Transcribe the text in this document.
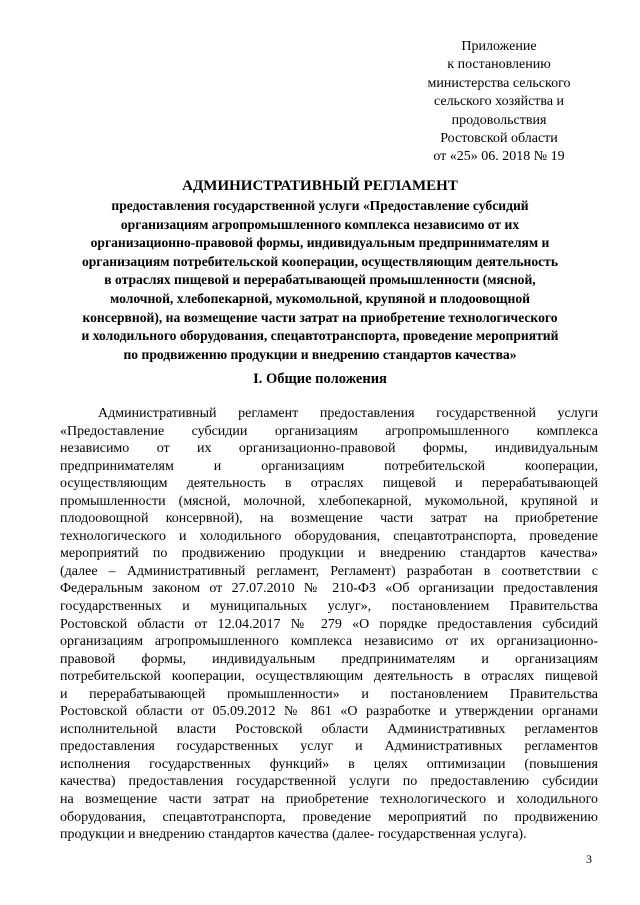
Приложение
к постановлению
министерства сельского
сельского хозяйства и
продовольствия
Ростовской области
от «25» 06. 2018 № 19
АДМИНИСТРАТИВНЫЙ РЕГЛАМЕНТ
предоставления государственной услуги «Предоставление субсидий
организациям агропромышленного комплекса независимо от их
организационно-правовой формы, индивидуальным предпринимателям и
организациям потребительской кооперации, осуществляющим деятельность
в отраслях пищевой и перерабатывающей промышленности (мясной,
молочной, хлебопекарной, мукомольной, крупяной и плодоовощной
консервной), на возмещение части затрат на приобретение технологического
и холодильного оборудования, спецавтотранспорта, проведение мероприятий
по продвижению продукции и внедрению стандартов качества»
I. Общие положения
Административный регламент предоставления государственной услуги
«Предоставление субсидии организациям агропромышленного комплекса
независимо от их организационно-правовой формы, индивидуальным
предпринимателям и организациям потребительской кооперации,
осуществляющим деятельность в отраслях пищевой и перерабатывающей
промышленности (мясной, молочной, хлебопекарной, мукомольной, крупяной и
плодоовощной консервной), на возмещение части затрат на приобретение
технологического и холодильного оборудования, спецавтотранспорта, проведение
мероприятий по продвижению продукции и внедрению стандартов качества»
(далее – Административный регламент, Регламент) разработан в соответствии с
Федеральным законом от 27.07.2010 № 210-ФЗ «Об организации предоставления
государственных и муниципальных услуг», постановлением Правительства
Ростовской области от 12.04.2017 № 279 «О порядке предоставления субсидий
организациям агропромышленного комплекса независимо от их организационно-
правовой формы, индивидуальным предпринимателям и организациям
потребительской кооперации, осуществляющим деятельность в отраслях пищевой
и перерабатывающей промышленности» и постановлением Правительства
Ростовской области от 05.09.2012 № 861 «О разработке и утверждении органами
исполнительной власти Ростовской области Административных регламентов
предоставления государственных услуг и Административных регламентов
исполнения государственных функций» в целях оптимизации (повышения
качества) предоставления государственной услуги по предоставлению субсидии
на возмещение части затрат на приобретение технологического и холодильного
оборудования, спецавтотранспорта, проведение мероприятий по продвижению
продукции и внедрению стандартов качества (далее- государственная услуга).
3
